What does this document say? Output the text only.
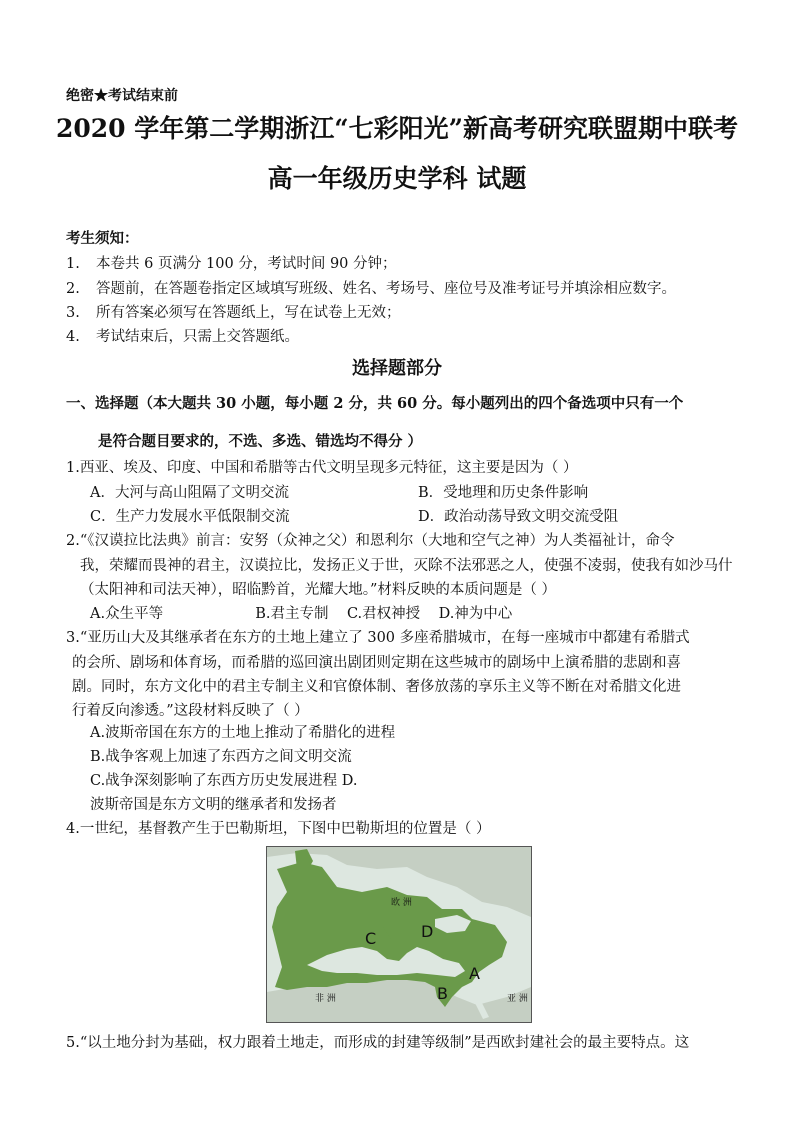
绝密★考试结束前
2020 学年第二学期浙江“七彩阳光”新高考研究联盟期中联考
高一年级历史学科 试题
考生须知：
1. 本卷共 6 页满分 100 分，考试时间 90 分钟；
2. 答题前，在答题卷指定区域填写班级、姓名、考场号、座位号及准考证号并填涂相应数字。
3. 所有答案必须写在答题纸上，写在试卷上无效；
4. 考试结束后，只需上交答题纸。
选择题部分
一、选择题（本大题共 30 小题，每小题 2 分，共 60 分。每小题列出的四个备选项中只有一个
是符合题目要求的，不选、多选、错选均不得分 ）
1.西亚、埃及、印度、中国和希腊等古代文明呈现多元特征，这主要是因为（ ）
A．大河与高山阻隔了文明交流	B．受地理和历史条件影响
C．生产力发展水平低限制交流	D．政治动荡导致文明交流受阻
2.“《汉谟拉比法典》前言：安努（众神之父）和恩利尔（大地和空气之神）为人类福祉计，命令
我，荣耀而畏神的君主，汉谟拉比，发扬正义于世，灭除不法邪恶之人，使强不凌弱，使我有如沙马什
（太阳神和司法天神），昭临黔首，光耀大地。”材料反映的本质问题是（ ）
A.众生平等                    B.君主专制    C.君权神授    D.神为中心
3.“亚历山大及其继承者在东方的土地上建立了 300 多座希腊城市，在每一座城市中都建有希腊式
的会所、剧场和体育场，而希腊的巡回演出剧团则定期在这些城市的剧场中上演希腊的悲剧和喜
剧。同时，东方文化中的君主专制主义和官僚体制、奢侈放荡的享乐主义等不断在对希腊文化进
行着反向渗透。”这段材料反映了（ ）
A.波斯帝国在东方的土地上推动了希腊化的进程
B.战争客观上加速了东西方之间文明交流
C.战争深刻影响了东西方历史发展进程 D.
波斯帝国是东方文明的继承者和发扬者
4.一世纪，基督教产生于巴勒斯坦，下图中巴勒斯坦的位置是（ ）
欧 洲
非 洲	亚 洲
A
B
C	D
5.“以土地分封为基础，权力跟着土地走，而形成的封建等级制”是西欧封建社会的最主要特点。这
